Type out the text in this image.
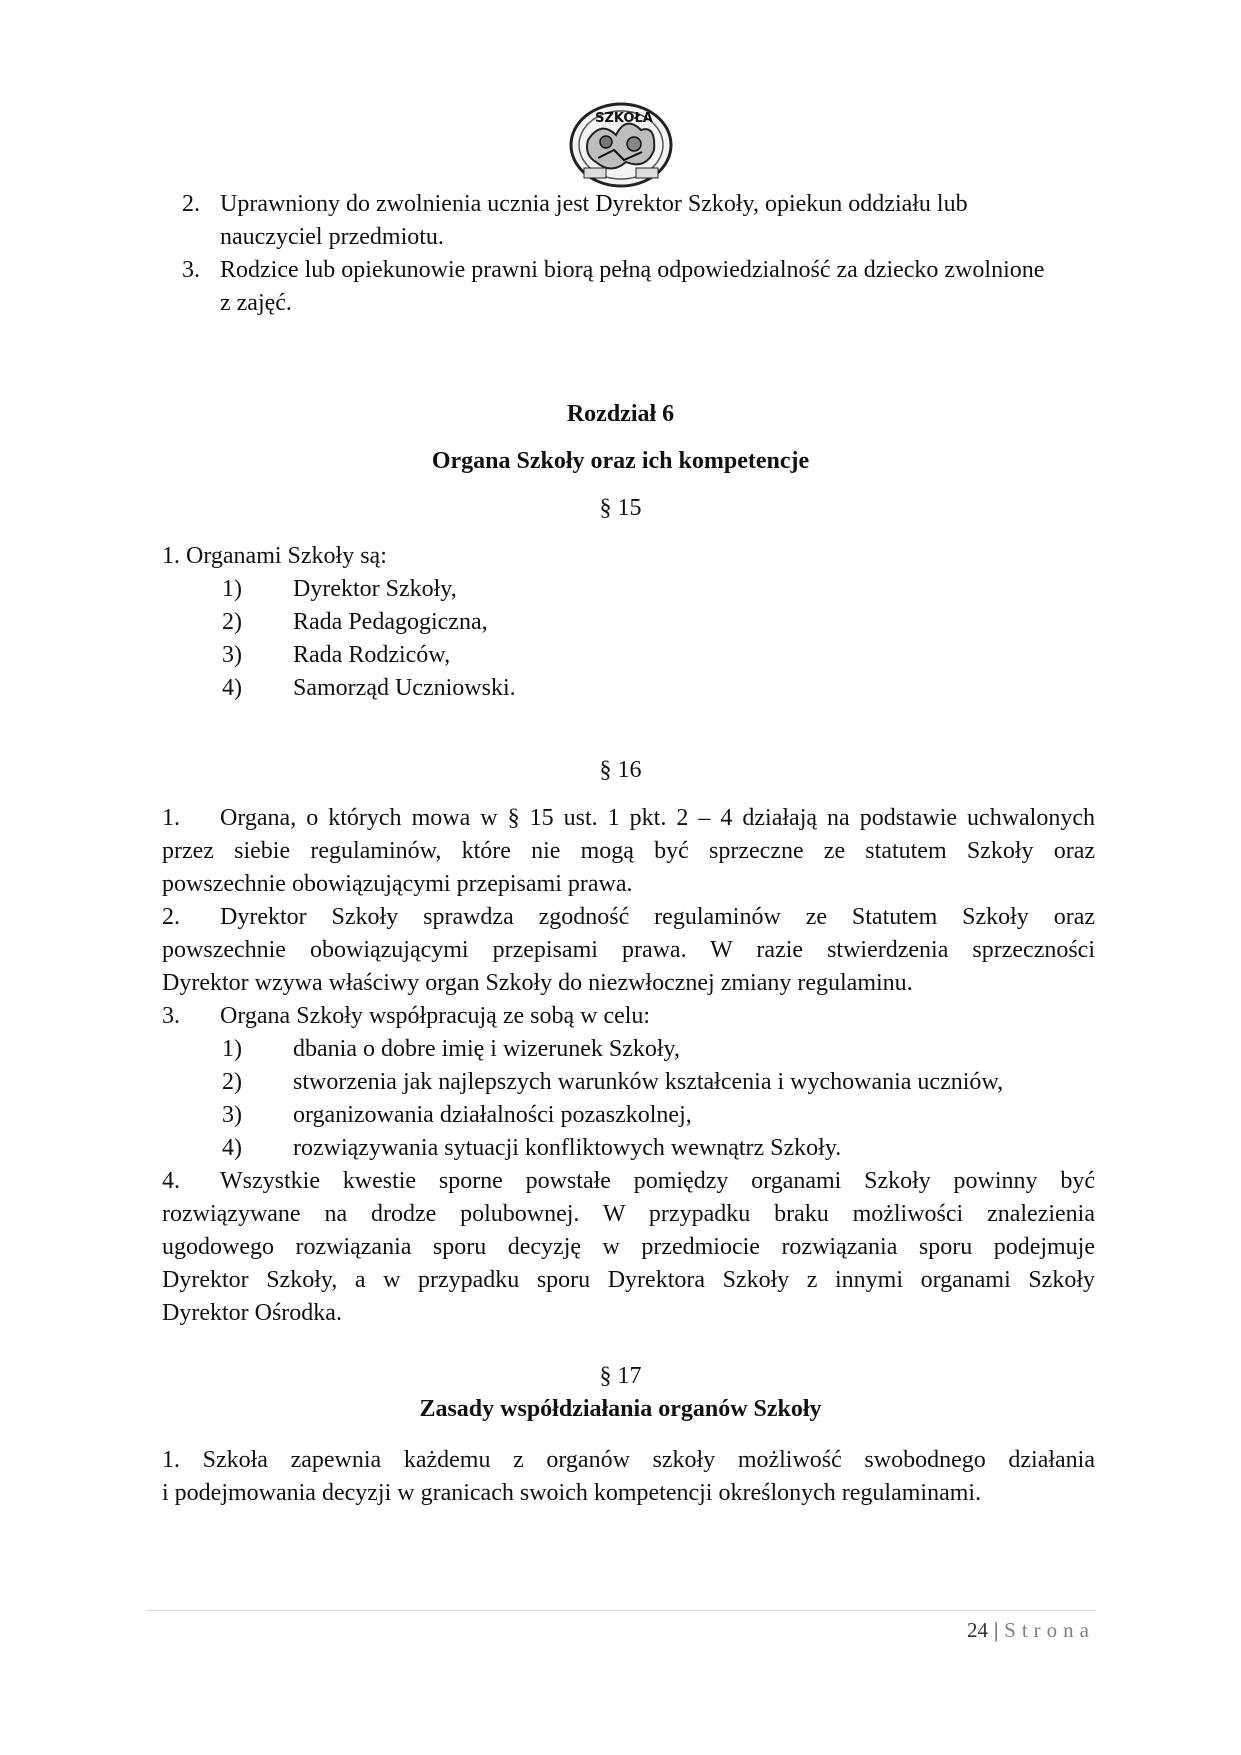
SZKOŁA
2. Uprawniony do zwolnienia ucznia jest Dyrektor Szkoły, opiekun oddziału lub
nauczyciel przedmiotu.
3. Rodzice lub opiekunowie prawni biorą pełną odpowiedzialność za dziecko zwolnione
z zajęć.
Rozdział 6
Organa Szkoły oraz ich kompetencje
§ 15
1. Organami Szkoły są:
1) Dyrektor Szkoły,
2) Rada Pedagogiczna,
3) Rada Rodziców,
4) Samorząd Uczniowski.
§ 16
1. Organa, o których mowa w § 15 ust. 1 pkt. 2 – 4 działają na podstawie uchwalonych
przez siebie regulaminów, które nie mogą być sprzeczne ze statutem Szkoły oraz
powszechnie obowiązującymi przepisami prawa.
2. Dyrektor Szkoły sprawdza zgodność regulaminów ze Statutem Szkoły oraz
powszechnie obowiązującymi przepisami prawa. W razie stwierdzenia sprzeczności
Dyrektor wzywa właściwy organ Szkoły do niezwłocznej zmiany regulaminu.
3. Organa Szkoły współpracują ze sobą w celu:
1) dbania o dobre imię i wizerunek Szkoły,
2) stworzenia jak najlepszych warunków kształcenia i wychowania uczniów,
3) organizowania działalności pozaszkolnej,
4) rozwiązywania sytuacji konfliktowych wewnątrz Szkoły.
4. Wszystkie kwestie sporne powstałe pomiędzy organami Szkoły powinny być
rozwiązywane na drodze polubownej. W przypadku braku możliwości znalezienia
ugodowego rozwiązania sporu decyzję w przedmiocie rozwiązania sporu podejmuje
Dyrektor Szkoły, a w przypadku sporu Dyrektora Szkoły z innymi organami Szkoły
Dyrektor Ośrodka.
§ 17
Zasady współdziałania organów Szkoły
1. Szkoła zapewnia każdemu z organów szkoły możliwość swobodnego działania
i podejmowania decyzji w granicach swoich kompetencji określonych regulaminami.
24 | Strona
